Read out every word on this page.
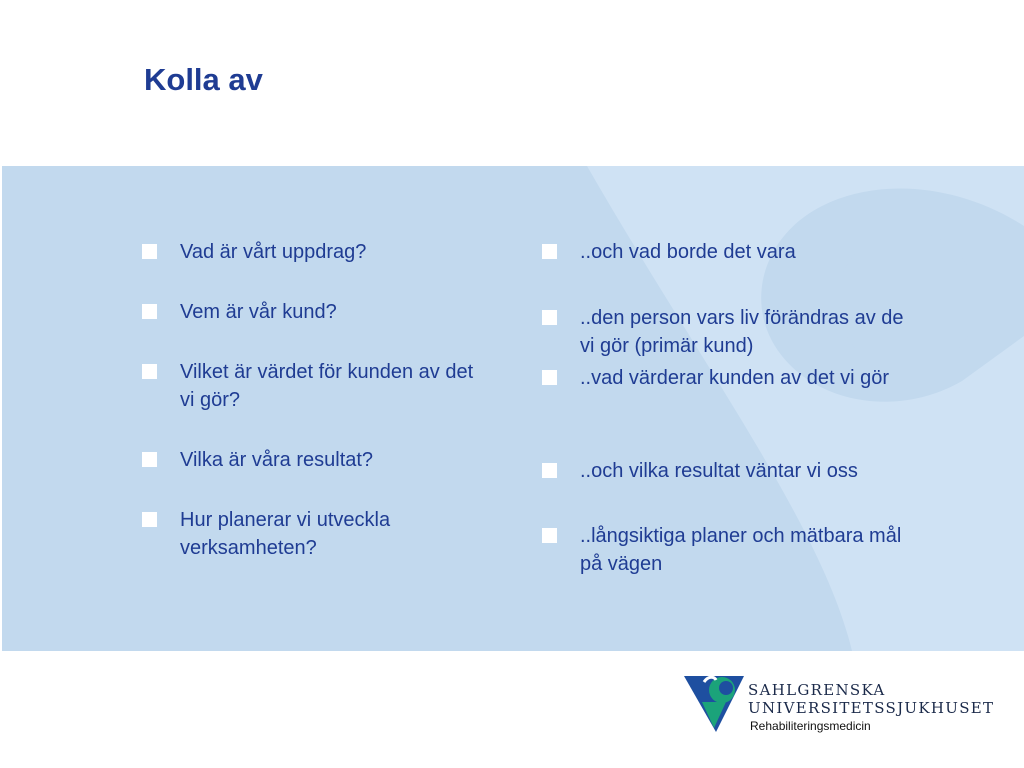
Kolla av
Vad är vårt uppdrag?
Vem är vår kund?
Vilket är värdet för kunden av det vi gör?
Vilka är våra resultat?
Hur planerar vi utveckla verksamheten?
..och vad borde det vara
..den person vars liv förändras av de vi gör (primär kund)
..vad värderar kunden av det vi gör
..och vilka resultat väntar vi oss
..långsiktiga planer och mätbara mål på vägen
SAHLGRENSKA
UNIVERSITETSSJUKHUSET
Rehabiliteringsmedicin
